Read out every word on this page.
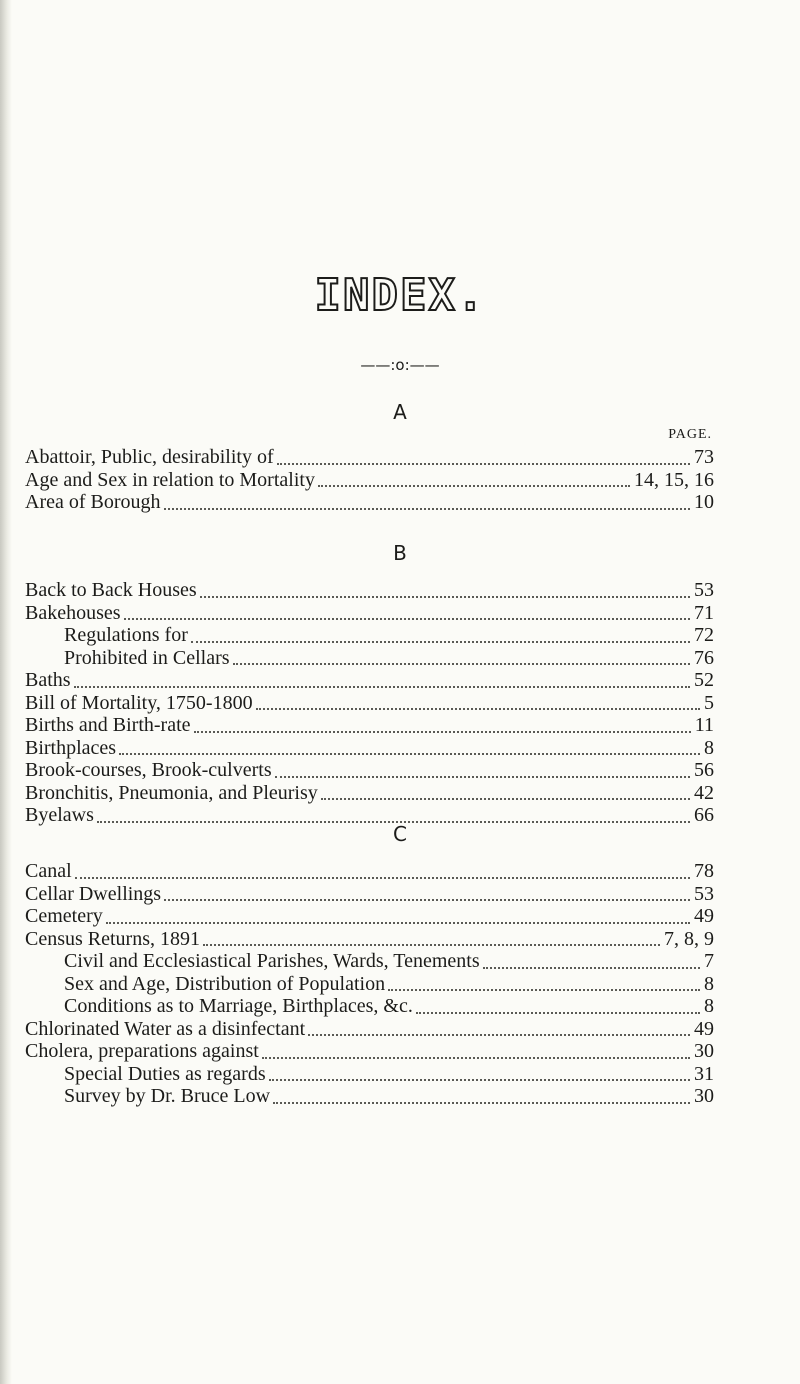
INDEX.
——:o:——
A
PAGE.
Abattoir, Public, desirability of	73
Age and Sex in relation to Mortality	14, 15, 16
Area of Borough	10
B
Back to Back Houses	53
Bakehouses	71
Regulations for	72
Prohibited in Cellars	76
Baths	52
Bill of Mortality, 1750-1800	5
Births and Birth-rate	11
Birthplaces	8
Brook-courses, Brook-culverts	56
Bronchitis, Pneumonia, and Pleurisy	42
Byelaws	66
C
Canal	78
Cellar Dwellings	53
Cemetery	49
Census Returns, 1891	7, 8, 9
Civil and Ecclesiastical Parishes, Wards, Tenements	7
Sex and Age, Distribution of Population	8
Conditions as to Marriage, Birthplaces, &c.	8
Chlorinated Water as a disinfectant	49
Cholera, preparations against	30
Special Duties as regards	31
Survey by Dr. Bruce Low	30
